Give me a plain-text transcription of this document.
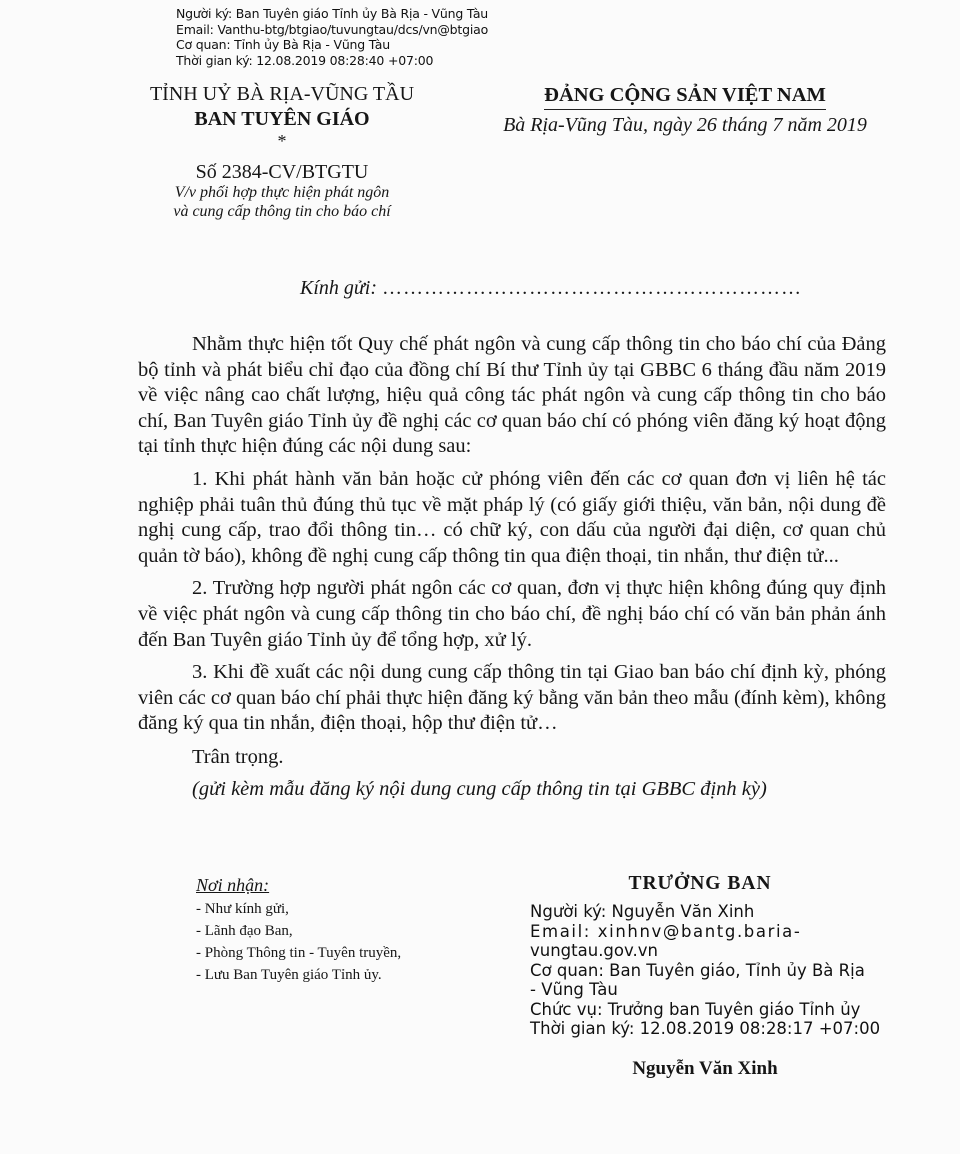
Người ký: Ban Tuyên giáo Tỉnh ủy Bà Rịa - Vũng Tàu
Email: Vanthu-btg/btgiao/tuvungtau/dcs/vn@btgiao
Cơ quan: Tỉnh ủy Bà Rịa - Vũng Tàu
Thời gian ký: 12.08.2019 08:28:40 +07:00
TỈNH UỶ BÀ RỊA-VŨNG TẦU
BAN TUYÊN GIÁO
*
ĐẢNG CỘNG SẢN VIỆT NAM
Bà Rịa-Vũng Tàu, ngày 26 tháng 7 năm 2019
Số 2384-CV/BTGTU
V/v phối hợp thực hiện phát ngôn
và cung cấp thông tin cho báo chí
Kính gửi: ……………………………………………………

Nhằm thực hiện tốt Quy chế phát ngôn và cung cấp thông tin cho báo chí của Đảng bộ tỉnh và phát biểu chỉ đạo của đồng chí Bí thư Tỉnh ủy tại GBBC 6 tháng đầu năm 2019 về việc nâng cao chất lượng, hiệu quả công tác phát ngôn và cung cấp thông tin cho báo chí, Ban Tuyên giáo Tỉnh ủy đề nghị các cơ quan báo chí có phóng viên đăng ký hoạt động tại tỉnh thực hiện đúng các nội dung sau:

1. Khi phát hành văn bản hoặc cử phóng viên đến các cơ quan đơn vị liên hệ tác nghiệp phải tuân thủ đúng thủ tục về mặt pháp lý (có giấy giới thiệu, văn bản, nội dung đề nghị cung cấp, trao đổi thông tin… có chữ ký, con dấu của người đại diện, cơ quan chủ quản tờ báo), không đề nghị cung cấp thông tin qua điện thoại, tin nhắn, thư điện tử...

2. Trường hợp người phát ngôn các cơ quan, đơn vị thực hiện không đúng quy định về việc phát ngôn và cung cấp thông tin cho báo chí, đề nghị báo chí có văn bản phản ánh đến Ban Tuyên giáo Tỉnh ủy để tổng hợp, xử lý.

3. Khi đề xuất các nội dung cung cấp thông tin tại Giao ban báo chí định kỳ, phóng viên các cơ quan báo chí phải thực hiện đăng ký bằng văn bản theo mẫu (đính kèm), không đăng ký qua tin nhắn, điện thoại, hộp thư điện tử…

Trân trọng.

(gửi kèm mẫu đăng ký nội dung cung cấp thông tin tại GBBC định kỳ)

Nơi nhận:
- Như kính gửi,
- Lãnh đạo Ban,
- Phòng Thông tin - Tuyên truyền,
- Lưu Ban Tuyên giáo Tỉnh ủy.
TRƯỞNG BAN
Người ký: Nguyễn Văn Xinh
Email: xinhnv@bantg.baria-
vungtau.gov.vn
Cơ quan: Ban Tuyên giáo, Tỉnh ủy Bà Rịa
- Vũng Tàu
Chức vụ: Trưởng ban Tuyên giáo Tỉnh ủy
Thời gian ký: 12.08.2019 08:28:17 +07:00
Nguyễn Văn Xinh
